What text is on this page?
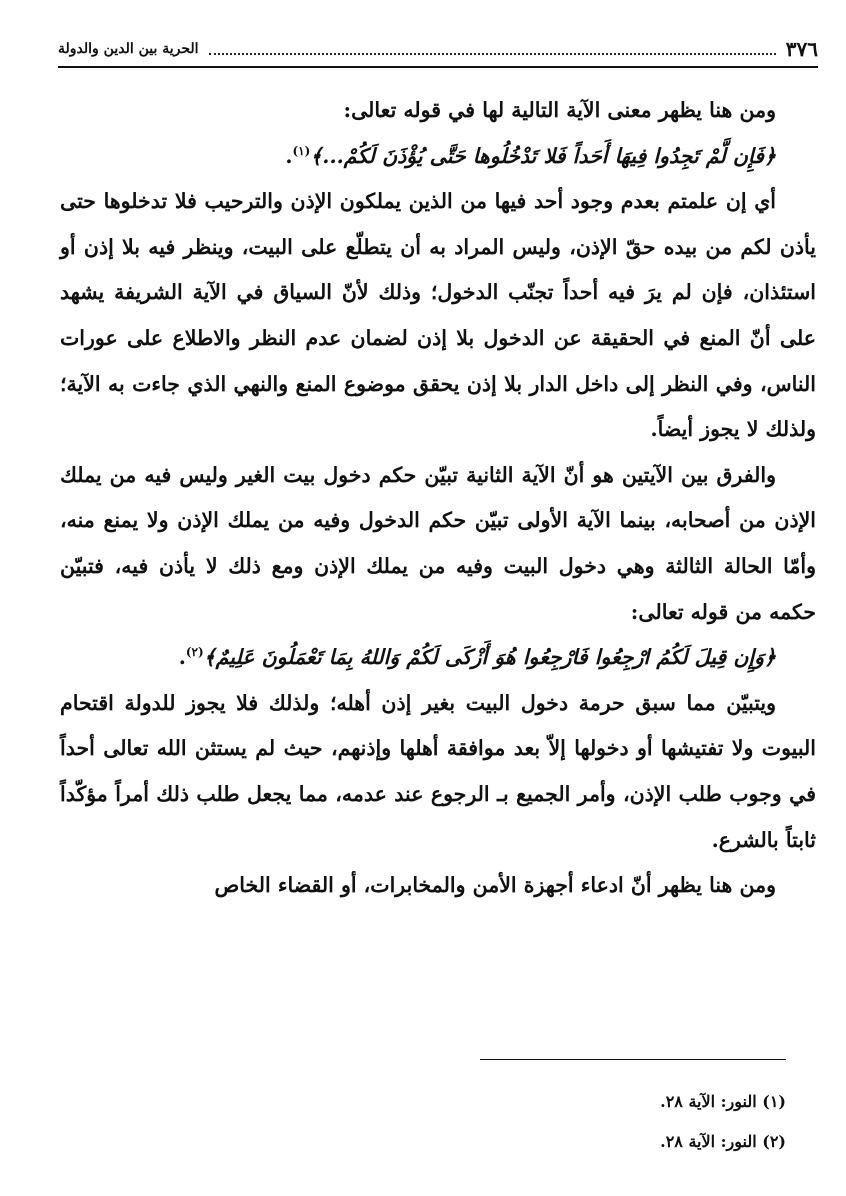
٣٧٦
الحرية بين الدين والدولة

ومن هنا يظهر معنى الآية التالية لها في قوله تعالى:

﴿فَإِن لَّمْ تَجِدُوا فِيهَا أَحَداً فَلا تَدْخُلُوها حَتَّى يُؤْذَنَ لَكُمْ...﴾$^{(١)}$.

أي إن علمتم بعدم وجود أحد فيها من الذين يملكون الإذن والترحيب فلا تدخلوها حتى يأذن لكم من بيده حقّ الإذن، وليس المراد به أن يتطلّع على البيت، وينظر فيه بلا إذن أو استئذان، فإن لم يرَ فيه أحداً تجنّب الدخول؛ وذلك لأنّ السياق في الآية الشريفة يشهد على أنّ المنع في الحقيقة عن الدخول بلا إذن لضمان عدم النظر والاطلاع على عورات الناس، وفي النظر إلى داخل الدار بلا إذن يحقق موضوع المنع والنهي الذي جاءت به الآية؛ ولذلك لا يجوز أيضاً.

والفرق بين الآيتين هو أنّ الآية الثانية تبيّن حكم دخول بيت الغير وليس فيه من يملك الإذن من أصحابه، بينما الآية الأولى تبيّن حكم الدخول وفيه من يملك الإذن ولا يمنع منه، وأمّا الحالة الثالثة وهي دخول البيت وفيه من يملك الإذن ومع ذلك لا يأذن فيه، فتبيّن حكمه من قوله تعالى:

﴿وَإِن قِيلَ لَكُمُ ارْجِعُوا فَارْجِعُوا هُوَ أَزْكَى لَكُمْ وَاللهُ بِمَا تَعْمَلُونَ عَلِيمٌ﴾$^{(٢)}$.

ويتبيّن مما سبق حرمة دخول البيت بغير إذن أهله؛ ولذلك فلا يجوز للدولة اقتحام البيوت ولا تفتيشها أو دخولها إلاّ بعد موافقة أهلها وإذنهم، حيث لم يستثن الله تعالى أحداً في وجوب طلب الإذن، وأمر الجميع بـ الرجوع عند عدمه، مما يجعل طلب ذلك أمراً مؤكّداً ثابتاً بالشرع.

ومن هنا يظهر أنّ ادعاء أجهزة الأمن والمخابرات، أو القضاء الخاص

(١) النور: الآية ٢٨.

(٢) النور: الآية ٢٨.
